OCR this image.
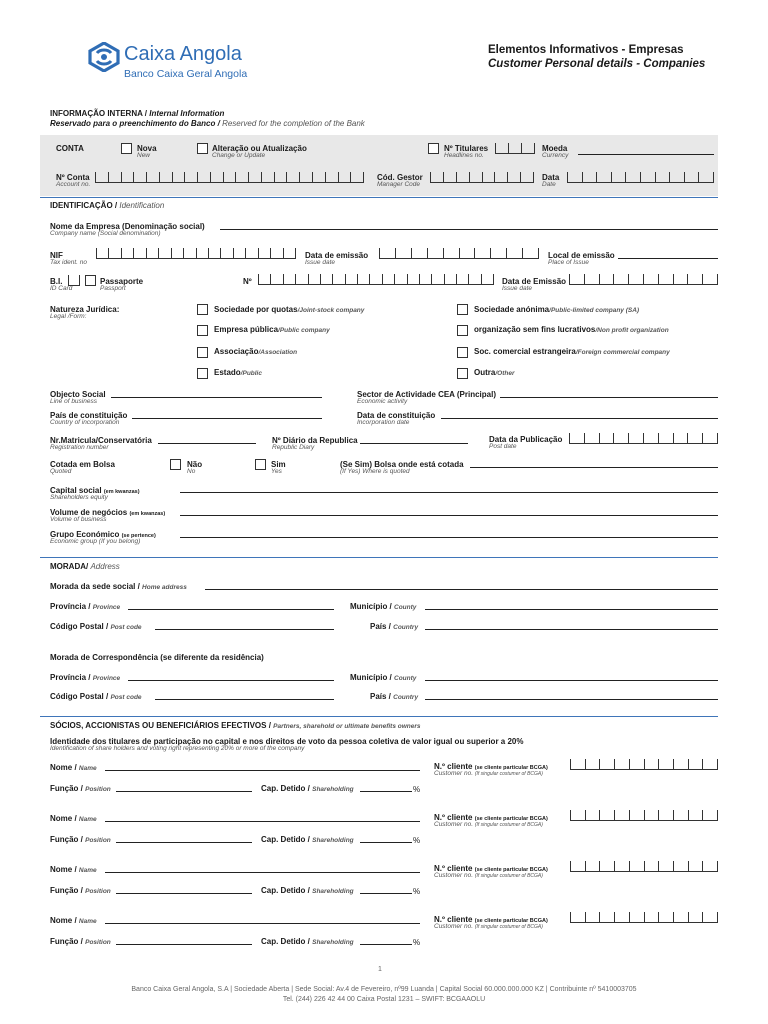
Caixa Angola
Banco Caixa Geral Angola
Elementos Informativos - Empresas
Customer Personal details - Companies
INFORMAÇÃO INTERNA / Internal Information
Reservado para o preenchimento do Banco / Reserved for the completion of the Bank
CONTA	Nova
New
Alteração ou Atualização
Change or Update
Nº Titulares
Headlines no.
Moeda
Currency
Nº Conta
Account no.
Cód. Gestor
Manager Code
Data
Date
IDENTIFICAÇÃO / Identification
Nome da Empresa (Denominação social)
Company name (Social denomination)
NIF
Tax ident. no
Data de emissão
Issue date
Local de emissão
Place of Issue
B.I.
ID Card
Passaporte
Passport
Nº	Data de Emissão
Issue date
Natureza Jurídica:
Legal /Form:
Sociedade por quotas/Joint-stock company	Sociedade anónima/Public-limited company (SA)
Empresa pública/Public company	organização sem fins lucrativos/Non profit organization
Associação/Association	Soc. comercial estrangeira/Foreign commercial company
Estado/Public	Outra/Other
Objecto Social
Line of business
Sector de Actividade CEA (Principal)
Economic activity
País de constituição
Country of incorporation
Data de constituição
Incorporation date
Nr.Matricula/Conservatória
Registration number
Nº Diário da Republica
Republic Diary
Data da Publicação
Post date
Cotada em Bolsa
Quoted
Não
No
Sim
Yes
(Se Sim) Bolsa onde está cotada
(If Yes) Where is quoted
Capital social (em kwanzas)
Shareholders equity
Volume de negócios (em kwanzas)
Volume of business
Grupo Económico (se pertence)
Economic group (If you belong)
MORADA/ Address
Morada da sede social / Home address
Província / Province	Município / County
Código Postal / Post code	País / Country
Morada de Correspondência (se diferente da residência)
Província / Province	Município / County
Código Postal / Post code	País / Country
SÓCIOS, ACCIONISTAS OU BENEFICIÁRIOS EFECTIVOS / Partners, sharehold or ultimate benefits owners
Identidade dos titulares de participação no capital e nos direitos de voto da pessoa coletiva de valor igual ou superior a 20%
Identification of share holders and voting right representing 20% or more of the company
Nome / Name	N.º cliente (se cliente particular BCGA)
Customer no. (If singular costumer of BCGA)
Função / Position	Cap. Detido / Shareholding	%
Nome / Name	N.º cliente (se cliente particular BCGA)
Customer no. (If singular costumer of BCGA)
Função / Position	Cap. Detido / Shareholding	%
Nome / Name	N.º cliente (se cliente particular BCGA)
Customer no. (If singular costumer of BCGA)
Função / Position	Cap. Detido / Shareholding	%
Nome / Name	N.º cliente (se cliente particular BCGA)
Customer no. (If singular costumer of BCGA)
Função / Position	Cap. Detido / Shareholding	%
1
Banco Caixa Geral Angola, S.A | Sociedade Aberta | Sede Social: Av.4 de Fevereiro, nº99 Luanda | Capital Social 60.000.000.000 KZ | Contribuinte nº 5410003705
Tel. (244) 226 42 44 00 Caixa Postal 1231 – SWIFT: BCGAAOLU
